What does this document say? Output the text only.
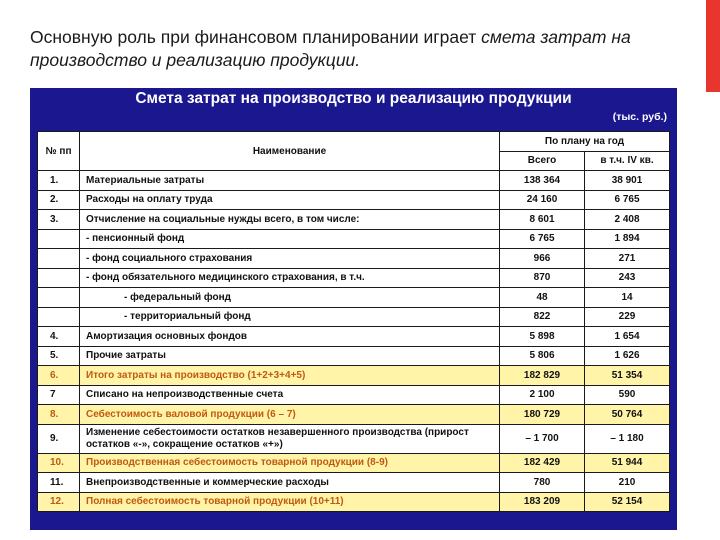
Основную роль при финансовом планировании играет смета затрат на производство и реализацию продукции.
Смета затрат на производство и реализацию продукции
(тыс. руб.)
№ пп	Наименование	По плану на год	
		Всего	в т.ч. IV кв.
1.	Материальные затраты	138 364	38 901
2.	Расходы на оплату труда	24 160	6 765
3.	Отчисление на социальные нужды всего, в том числе:	8 601	2 408
	- пенсионный фонд	6 765	1 894
	- фонд социального страхования	966	271
	- фонд обязательного медицинского страхования, в т.ч.	870	243
	- федеральный фонд	48	14
	- территориальный фонд	822	229
4.	Амортизация основных фондов	5 898	1 654
5.	Прочие затраты	5 806	1 626
6.	Итого затраты на производство (1+2+3+4+5)	182 829	51 354
7	Списано на непроизводственные счета	2 100	590
8.	Себестоимость валовой продукции (6 – 7)	180 729	50 764
9.	Изменение себестоимости остатков незавершенного производства (прирост остатков «-», сокращение остатков «+»)	– 1 700	– 1 180
10.	Производственная себестоимость товарной продукции (8-9)	182 429	51 944
11.	Внепроизводственные и коммерческие расходы	780	210
12.	Полная себестоимость товарной продукции (10+11)	183 209	52 154
